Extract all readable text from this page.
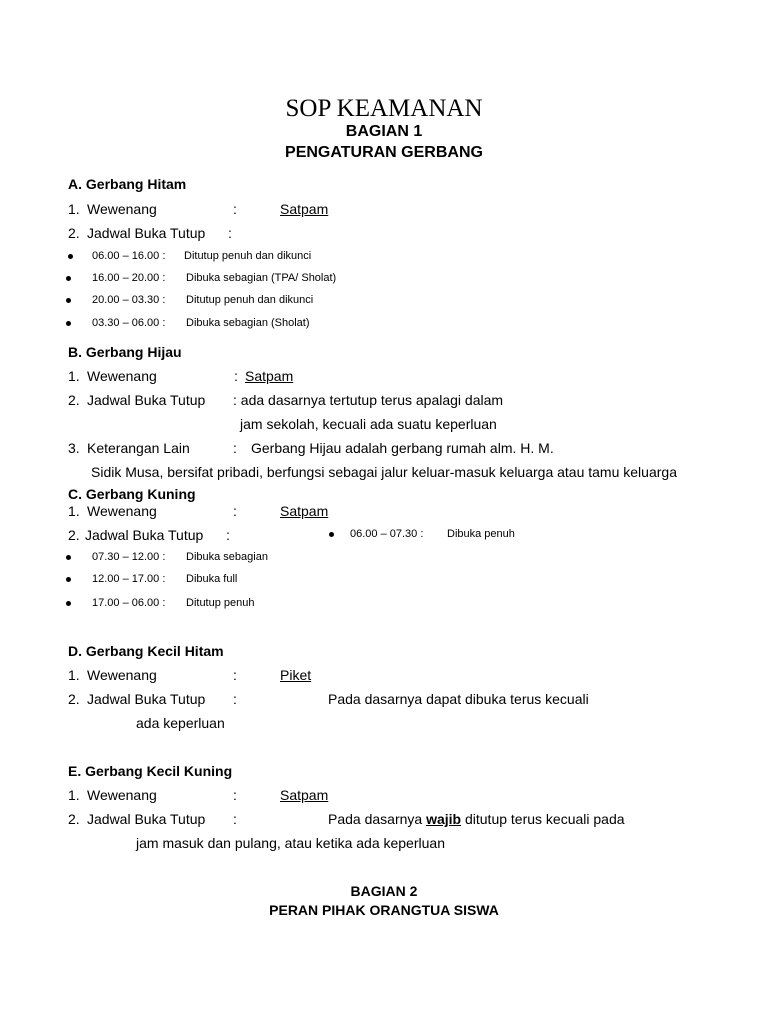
SOP KEAMANAN
BAGIAN 1
PENGATURAN GERBANG
A. Gerbang Hitam
1. Wewenang	:	Satpam
2. Jadwal Buka Tutup :
06.00 – 16.00 : Ditutup penuh dan dikunci
16.00 – 20.00 : Dibuka sebagian (TPA/ Sholat)
20.00 – 03.30 : Ditutup penuh dan dikunci
03.30 – 06.00 : Dibuka sebagian (Sholat)
B. Gerbang Hijau
1. Wewenang	: Satpam
2. Jadwal Buka Tutup : ada dasarnya tertutup terus apalagi dalam
jam sekolah, kecuali ada suatu keperluan
3. Keterangan Lain	: Gerbang Hijau adalah gerbang rumah alm. H. M.
Sidik Musa, bersifat pribadi, berfungsi sebagai jalur keluar-masuk keluarga atau tamu keluarga
C. Gerbang Kuning
1. Wewenang	:	Satpam
2. Jadwal Buka Tutup :	06.00 – 07.30 : Dibuka penuh
07.30 – 12.00 : Dibuka sebagian
12.00 – 17.00 : Dibuka full
17.00 – 06.00 : Ditutup penuh
D. Gerbang Kecil Hitam
1. Wewenang	:	Piket
2. Jadwal Buka Tutup :	Pada dasarnya dapat dibuka terus kecuali
ada keperluan
E. Gerbang Kecil Kuning
1. Wewenang	:	Satpam
2. Jadwal Buka Tutup :	Pada dasarnya wajib ditutup terus kecuali pada
jam masuk dan pulang, atau ketika ada keperluan
BAGIAN 2
PERAN PIHAK ORANGTUA SISWA
